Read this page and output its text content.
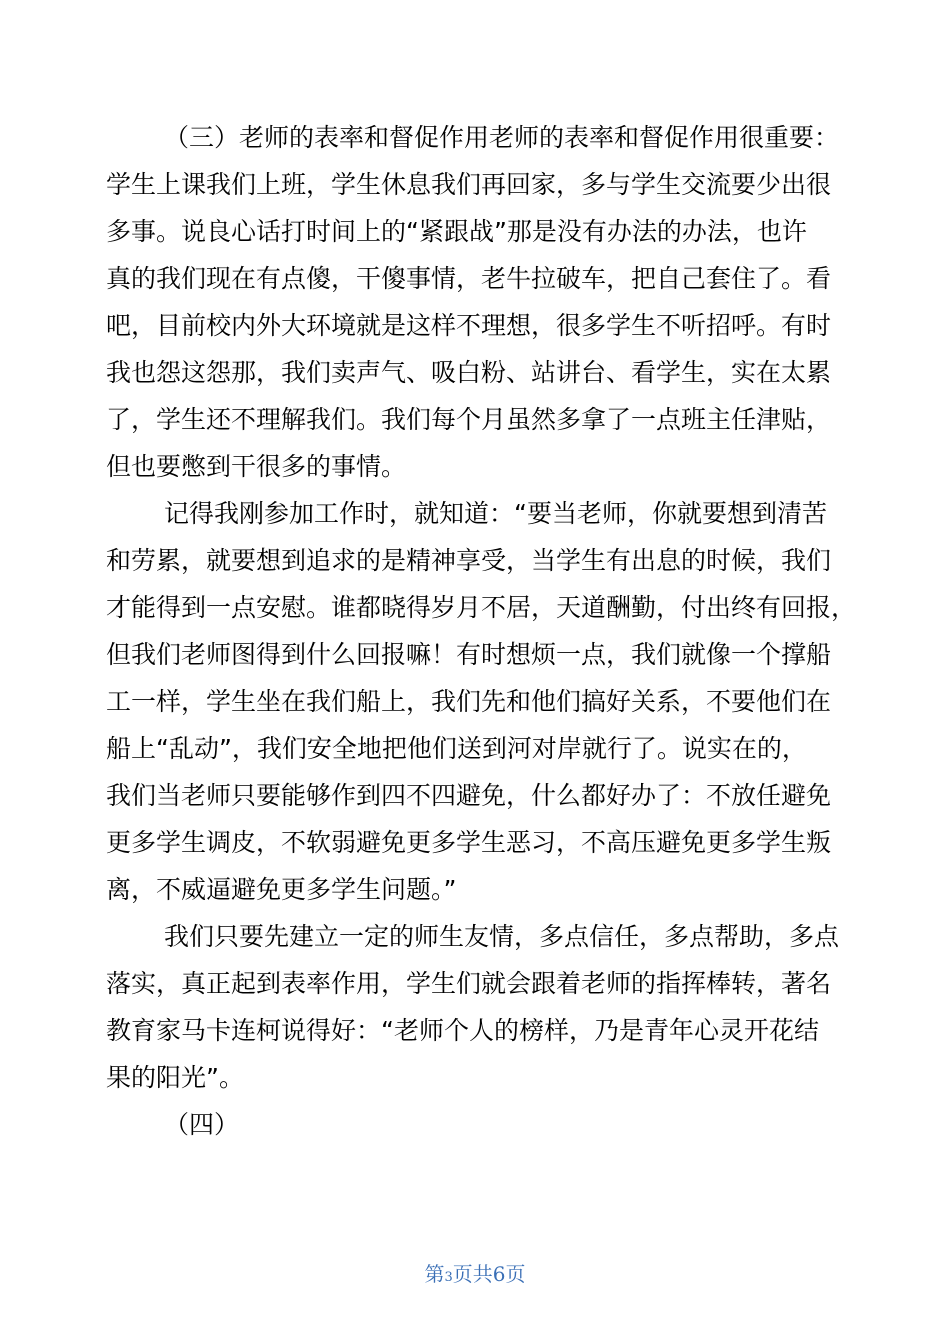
（三）老师的表率和督促作用老师的表率和督促作用很重要：
学生上课我们上班，学生休息我们再回家，多与学生交流要少出很
多事。说良心话打时间上的“紧跟战”那是没有办法的办法，也许
真的我们现在有点傻，干傻事情，老牛拉破车，把自己套住了。看
吧，目前校内外大环境就是这样不理想，很多学生不听招呼。有时
我也怨这怨那，我们卖声气、吸白粉、站讲台、看学生，实在太累
了，学生还不理解我们。我们每个月虽然多拿了一点班主任津贴，
但也要憋到干很多的事情。
记得我刚参加工作时，就知道：“要当老师，你就要想到清苦
和劳累，就要想到追求的是精神享受，当学生有出息的时候，我们
才能得到一点安慰。谁都晓得岁月不居，天道酬勤，付出终有回报，
但我们老师图得到什么回报嘛！有时想烦一点，我们就像一个撑船
工一样，学生坐在我们船上，我们先和他们搞好关系，不要他们在
船上“乱动”，我们安全地把他们送到河对岸就行了。说实在的，
我们当老师只要能够作到四不四避免，什么都好办了：不放任避免
更多学生调皮，不软弱避免更多学生恶习，不高压避免更多学生叛
离，不威逼避免更多学生问题。”
我们只要先建立一定的师生友情，多点信任，多点帮助，多点
落实，真正起到表率作用，学生们就会跟着老师的指挥棒转，著名
教育家马卡连柯说得好：“老师个人的榜样，乃是青年心灵开花结
果的阳光”。
（四）
第3页共6页
